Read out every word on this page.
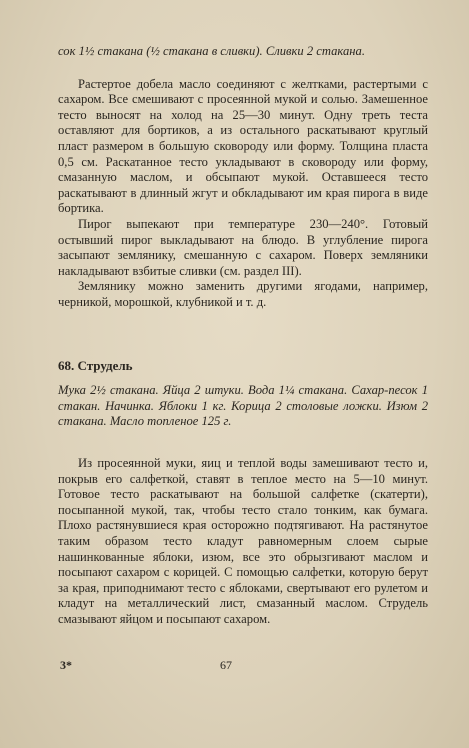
сок 1½ стакана (½ стакана в сливки). Сливки 2 стакана.

Растертое добела масло соединяют с желтками, растертыми с сахаром. Все смешивают с просеянной мукой и солью. Замешенное тесто выносят на холод на 25—30 минут. Одну треть теста оставляют для бортиков, а из остального раскатывают круглый пласт размером в большую сковороду или форму. Толщина пласта 0,5 см. Раскатанное тесто укладывают в сковороду или форму, смазанную маслом, и обсыпают мукой. Оставшееся тесто раскатывают в длинный жгут и обкладывают им края пирога в виде бортика.

Пирог выпекают при температуре 230—240°. Готовый остывший пирог выкладывают на блюдо. В углубление пирога засыпают землянику, смешанную с сахаром. Поверх земляники накладывают взбитые сливки (см. раздел III).

Землянику можно заменить другими ягодами, например, черникой, морошкой, клубникой и т. д.

68. Струдель

Мука 2½ стакана. Яйца 2 штуки. Вода 1¼ стакана. Сахар-песок 1 стакан. Начинка. Яблоки 1 кг. Корица 2 столовые ложки. Изюм 2 стакана. Масло топленое 125 г.

Из просеянной муки, яиц и теплой воды замешивают тесто и, покрыв его салфеткой, ставят в теплое место на 5—10 минут. Готовое тесто раскатывают на большой салфетке (скатерти), посыпанной мукой, так, чтобы тесто стало тонким, как бумага. Плохо растянувшиеся края осторожно подтягивают. На растянутое таким образом тесто кладут равномерным слоем сырые нашинкованные яблоки, изюм, все это обрызгивают маслом и посыпают сахаром с корицей. С помощью салфетки, которую берут за края, приподнимают тесто с яблоками, свертывают его рулетом и кладут на металлический лист, смазанный маслом. Струдель смазывают яйцом и посыпают сахаром.

3*	67
